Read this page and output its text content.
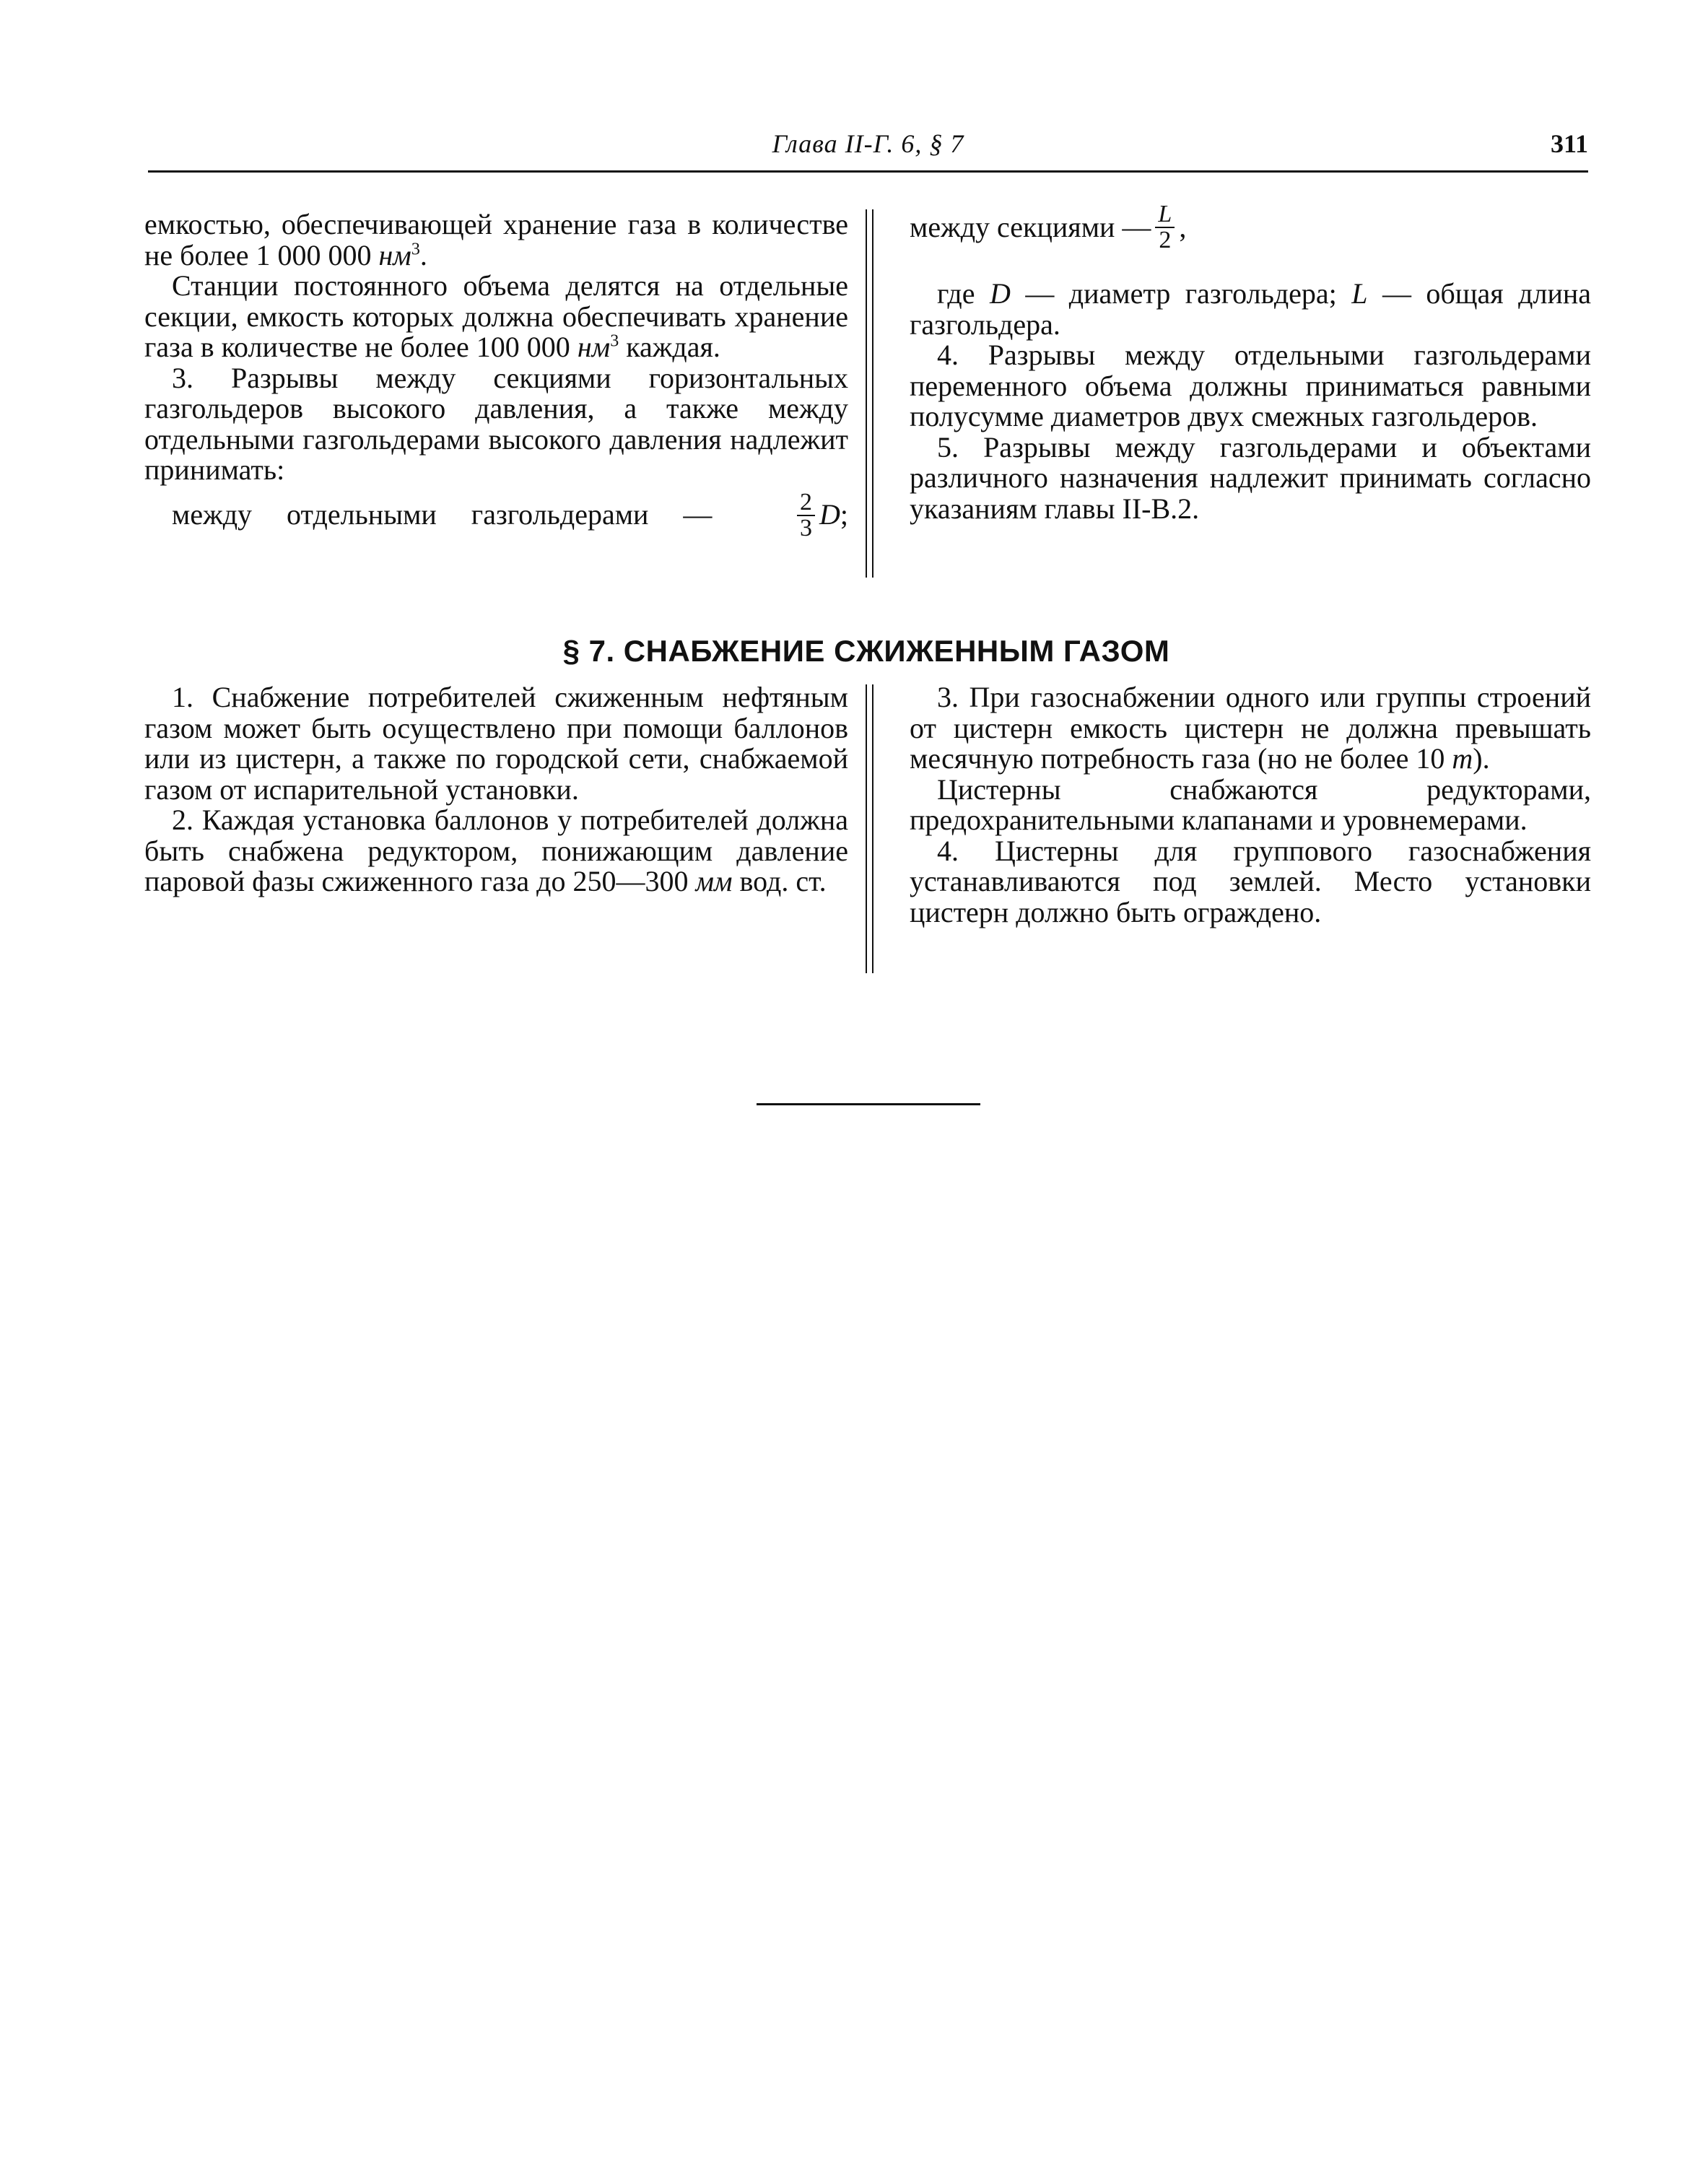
Глава II-Г. 6, § 7	311

емкостью, обеспечивающей хранение газа в количестве не более 1 000 000 $нм^3$.

Станции постоянного объема делятся на отдельные секции, емкость которых должна обеспечивать хранение газа в количестве не более 100 000 $нм^3$ каждая.

3. Разрывы между секциями горизонтальных газгольдеров высокого давления, а также между отдельными газгольдерами высокого давления надлежит принимать:

между отдельными газгольдерами —	$\frac{2}{3}$ D ;
между секциями — $\frac{L}{2}$ ,

где D — диаметр газгольдера; L — общая длина газгольдера.

4. Разрывы между отдельными газгольдерами переменного объема должны приниматься равными полусумме диаметров двух смежных газгольдеров.

5. Разрывы между газгольдерами и объектами различного назначения надлежит принимать согласно указаниям главы II-В.2.

§ 7. СНАБЖЕНИЕ СЖИЖЕННЫМ ГАЗОМ

1. Снабжение потребителей сжиженным нефтяным газом может быть осуществлено при помощи баллонов или из цистерн, а также по городской сети, снабжаемой газом от испарительной установки.

2. Каждая установка баллонов у потребителей должна быть снабжена редуктором, понижающим давление паровой фазы сжиженного газа до 250—300 мм вод. ст.

3. При газоснабжении одного или группы строений от цистерн емкость цистерн не должна превышать месячную потребность газа (но не более 10 т).

Цистерны снабжаются редукторами, предохранительными клапанами и уровнемерами.

4. Цистерны для группового газоснабжения устанавливаются под землей. Место установки цистерн должно быть ограждено.
